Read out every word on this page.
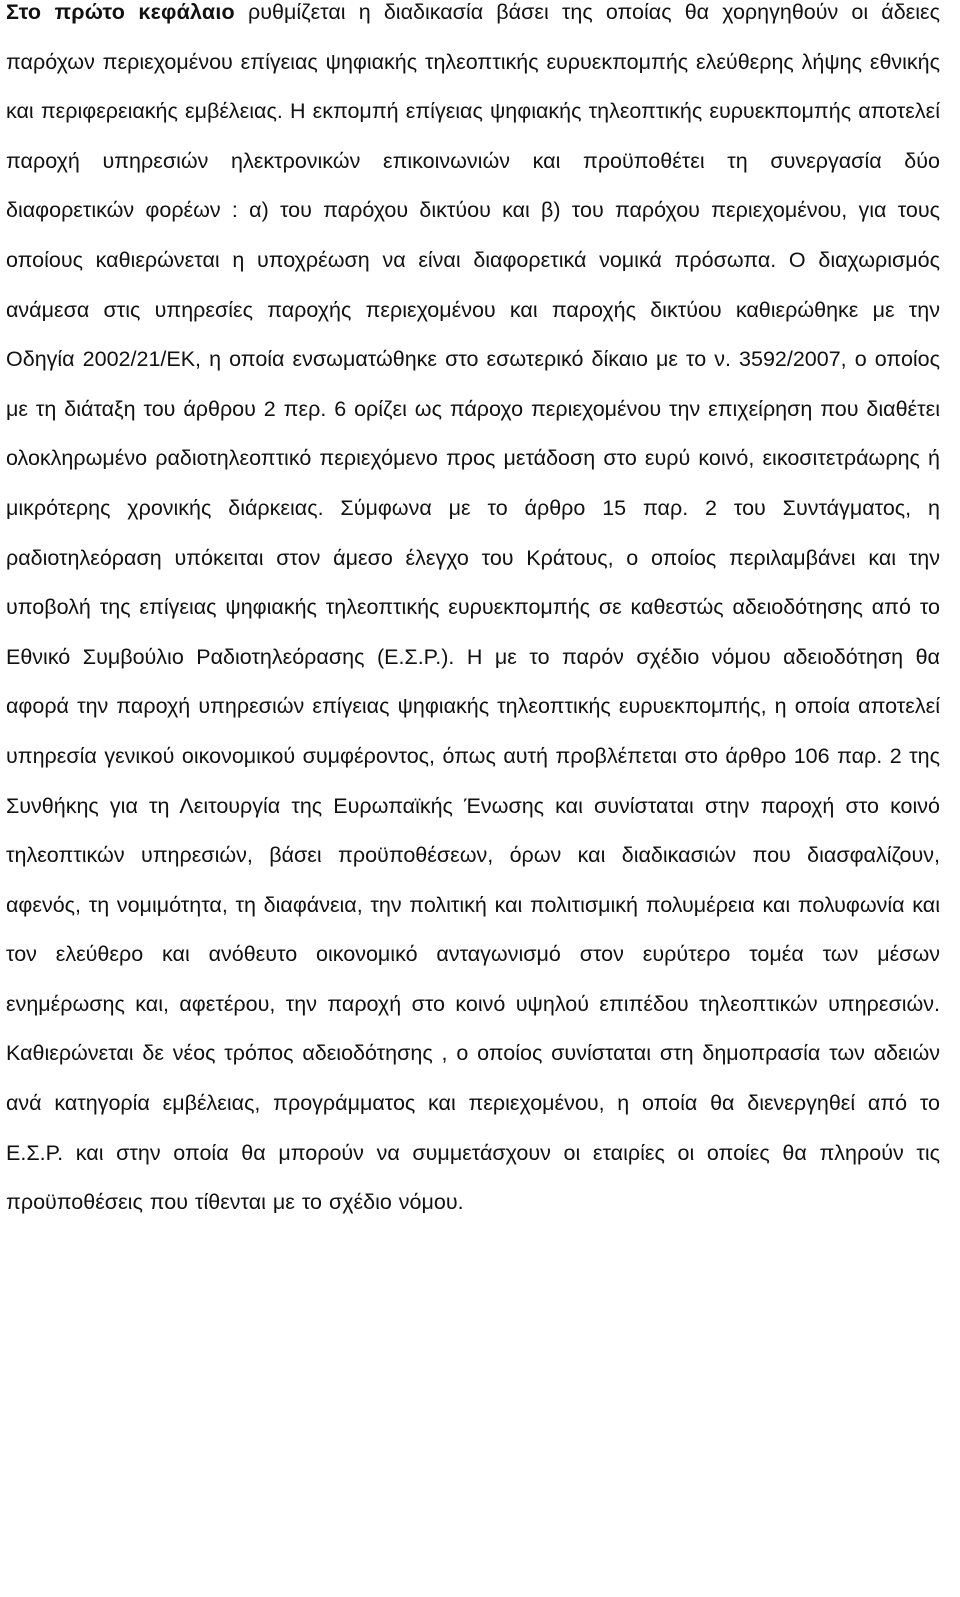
Στο πρώτο κεφάλαιο ρυθμίζεται η διαδικασία βάσει της οποίας θα χορηγηθούν οι άδειες παρόχων περιεχομένου επίγειας ψηφιακής τηλεοπτικής ευρυεκπομπής ελεύθερης λήψης εθνικής και περιφερειακής εμβέλειας. Η εκπομπή επίγειας ψηφιακής τηλεοπτικής ευρυεκπομπής αποτελεί παροχή υπηρεσιών ηλεκτρονικών επικοινωνιών και προϋποθέτει τη συνεργασία δύο διαφορετικών φορέων : α) του παρόχου δικτύου και β) του παρόχου περιεχομένου, για τους οποίους καθιερώνεται η υποχρέωση να είναι διαφορετικά νομικά πρόσωπα. Ο διαχωρισμός ανάμεσα στις υπηρεσίες παροχής περιεχομένου και παροχής δικτύου καθιερώθηκε με την Οδηγία 2002/21/ΕΚ, η οποία ενσωματώθηκε στο εσωτερικό δίκαιο με το ν. 3592/2007, ο οποίος με τη διάταξη του άρθρου 2 περ. 6 ορίζει ως πάροχο περιεχομένου την επιχείρηση που διαθέτει ολοκληρωμένο ραδιοτηλεοπτικό περιεχόμενο προς μετάδοση στο ευρύ κοινό, εικοσιτετράωρης ή μικρότερης χρονικής διάρκειας. Σύμφωνα με το άρθρο 15 παρ. 2 του Συντάγματος, η ραδιοτηλεόραση υπόκειται στον άμεσο έλεγχο του Κράτους, ο οποίος περιλαμβάνει και την υποβολή της επίγειας ψηφιακής τηλεοπτικής ευρυεκπομπής σε καθεστώς αδειοδότησης από το Εθνικό Συμβούλιο Ραδιοτηλεόρασης (Ε.Σ.Ρ.). Η με το παρόν σχέδιο νόμου αδειοδότηση θα αφορά την παροχή υπηρεσιών επίγειας ψηφιακής τηλεοπτικής ευρυεκπομπής, η οποία αποτελεί υπηρεσία γενικού οικονομικού συμφέροντος, όπως αυτή προβλέπεται στο άρθρο 106 παρ. 2 της Συνθήκης για τη Λειτουργία της Ευρωπαϊκής Ένωσης και συνίσταται στην παροχή στο κοινό τηλεοπτικών υπηρεσιών, βάσει προϋποθέσεων, όρων και διαδικασιών που διασφαλίζουν, αφενός, τη νομιμότητα, τη διαφάνεια, την πολιτική και πολιτισμική πολυμέρεια και πολυφωνία και τον ελεύθερο και ανόθευτο οικονομικό ανταγωνισμό στον ευρύτερο τομέα των μέσων ενημέρωσης και, αφετέρου, την παροχή στο κοινό υψηλού επιπέδου τηλεοπτικών υπηρεσιών. Καθιερώνεται δε νέος τρόπος αδειοδότησης , ο οποίος συνίσταται στη δημοπρασία των αδειών ανά κατηγορία εμβέλειας, προγράμματος και περιεχομένου, η οποία θα διενεργηθεί από το Ε.Σ.Ρ. και στην οποία θα μπορούν να συμμετάσχουν οι εταιρίες οι οποίες θα πληρούν τις προϋποθέσεις που τίθενται με το σχέδιο νόμου.
